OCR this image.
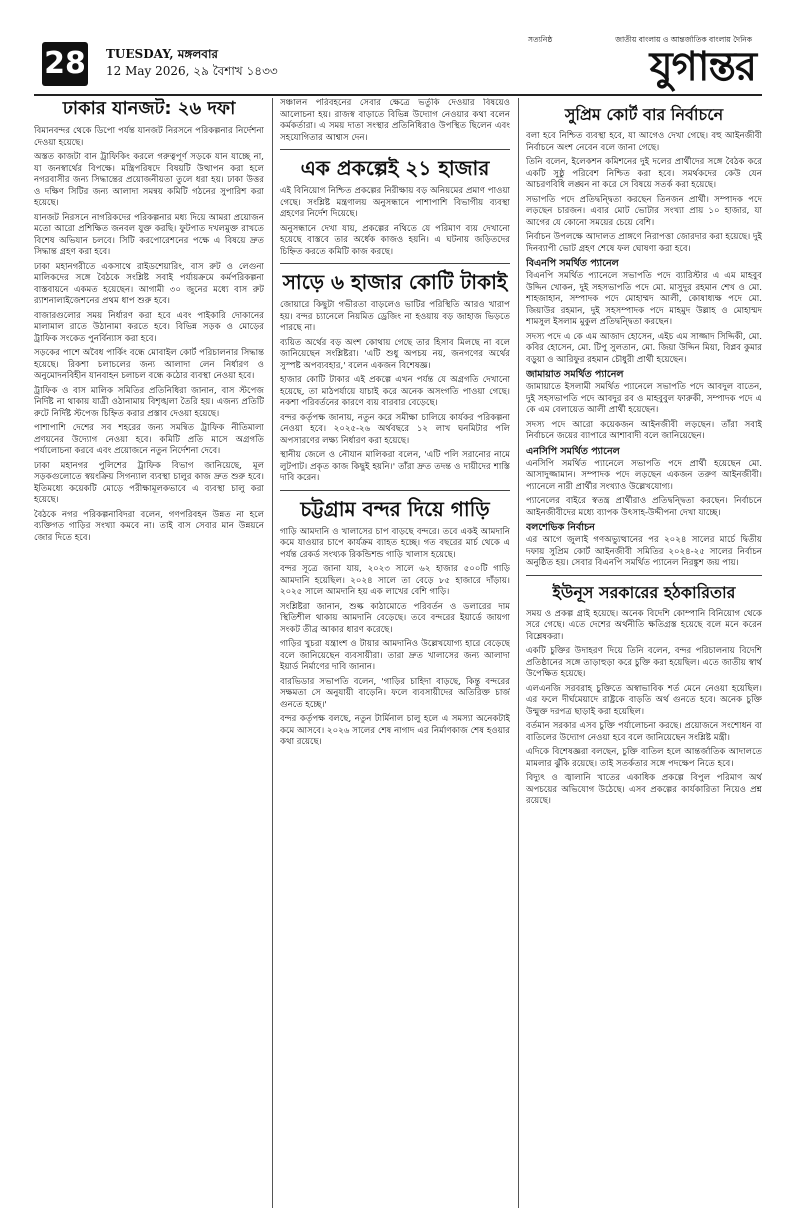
28 TUESDAY, মঙ্গলবার
12 May 2026, ২৯ বৈশাখ ১৪৩৩
সত্যনিষ্ঠ	জাতীয় বাংলায় ও আন্তর্জাতিক বাংলায় দৈনিক
যুগান্তর
ঢাকার যানজট: ২৬ দফা

বিমানবন্দর থেকে ডিপো পর্যন্ত যানজট নিরসনে পরিকল্পনার নির্দেশনা দেওয়া হয়েছে।

অস্তত কাজটা বান ট্রাফিকিং করলে গরুত্বপূর্ণ সড়কে যান যাচ্ছে না, যা জনস্বার্থের বিপক্ষে। মন্ত্রিপরিষদে বিষয়টি উত্থাপন করা হলে নগরবাসীর জন্য সিদ্ধান্তের প্রয়োজনীয়তা তুলে ধরা হয়। ঢাকা উত্তর ও দক্ষিণ সিটির জন্য আলাদা সমন্বয় কমিটি গঠনের সুপারিশ করা হয়েছে।

যানজট নিরসনে নাগরিকদের পরিকল্পনার মধ্য দিয়ে আমরা প্রয়োজন মতো আরো প্রশিক্ষিত জনবল যুক্ত করছি। ফুটপাত দখলমুক্ত রাখতে বিশেষ অভিযান চলবে। সিটি করপোরেশনের পক্ষে এ বিষয়ে দ্রুত সিদ্ধান্ত গ্রহণ করা হবে।

ঢাকা মহানগরীতে একসাথে রাইডশেয়ারিং, বাস রুট ও লেগুনা মালিকদের সঙ্গে বৈঠকে সংশ্লিষ্ট সবাই পর্যায়ক্রমে কর্মপরিকল্পনা বাস্তবায়নে একমত হয়েছেন। আগামী ৩০ জুনের মধ্যে বাস রুট র‌্যাশনালাইজেশনের প্রথম ধাপ শুরু হবে।

বাজারগুলোর সময় নির্ধারণ করা হবে এবং পাইকারি দোকানের মালামাল রাতে উঠানামা করতে হবে। বিভিন্ন সড়ক ও মোড়ের ট্রাফিক সংকেত পুনর্বিন্যাস করা হবে।

সড়কের পাশে অবৈধ পার্কিং বন্ধে মোবাইল কোর্ট পরিচালনার সিদ্ধান্ত হয়েছে। রিকশা চলাচলের জন্য আলাদা লেন নির্ধারণ ও অনুমোদনবিহীন যানবাহন চলাচল বন্ধে কঠোর ব্যবস্থা নেওয়া হবে।

ট্রাফিক ও বাস মালিক সমিতির প্রতিনিধিরা জানান, বাস স্টপেজ নির্দিষ্ট না থাকায় যাত্রী ওঠানামায় বিশৃঙ্খলা তৈরি হয়। এজন্য প্রতিটি রুটে নির্দিষ্ট স্টপেজ চিহ্নিত করার প্রস্তাব দেওয়া হয়েছে।

পাশাপাশি দেশের সব শহরের জন্য সমন্বিত ট্রাফিক নীতিমালা প্রণয়নের উদ্যোগ নেওয়া হবে। কমিটি প্রতি মাসে অগ্রগতি পর্যালোচনা করবে এবং প্রয়োজনে নতুন নির্দেশনা দেবে।

ঢাকা মহানগর পুলিশের ট্রাফিক বিভাগ জানিয়েছে, মূল সড়কগুলোতে স্বয়ংক্রিয় সিগন্যাল ব্যবস্থা চালুর কাজ দ্রুত শুরু হবে। ইতিমধ্যে কয়েকটি মোড়ে পরীক্ষামূলকভাবে এ ব্যবস্থা চালু করা হয়েছে।

বৈঠকে নগর পরিকল্পনাবিদরা বলেন, গণপরিবহন উন্নত না হলে ব্যক্তিগত গাড়ির সংখ্যা কমবে না। তাই বাস সেবার মান উন্নয়নে জোর দিতে হবে।

সঞ্চালন পরিবহনের সেবার ক্ষেত্রে ভর্তুকি দেওয়ার বিষয়েও আলোচনা হয়। রাজস্ব বাড়াতে বিভিন্ন উদ্যোগ নেওয়ার কথা বলেন কর্মকর্তারা। এ সময় দাতা সংস্থার প্রতিনিধিরাও উপস্থিত ছিলেন এবং সহযোগিতার আশ্বাস দেন।

এক প্রকল্পেই ২১ হাজার

এই বিনিয়োগ নিশ্চিত প্রকল্পের নিরীক্ষায় বড় অনিয়মের প্রমাণ পাওয়া গেছে। সংশ্লিষ্ট মন্ত্রণালয় অনুসন্ধানে পাশাপাশি বিভাগীয় ব্যবস্থা গ্রহণের নির্দেশ দিয়েছে।

অনুসন্ধানে দেখা যায়, প্রকল্পের নথিতে যে পরিমাণ ব্যয় দেখানো হয়েছে বাস্তবে তার অর্ধেক কাজও হয়নি। এ ঘটনায় জড়িতদের চিহ্নিত করতে কমিটি কাজ করছে।

সাড়ে ৬ হাজার কোটি টাকাই

জোয়ারে কিছুটা গভীরতা বাড়লেও ভাটির পরিস্থিতি আরও খারাপ হয়। বন্দর চ্যানেলে নিয়মিত ড্রেজিং না হওয়ায় বড় জাহাজ ভিড়তে পারছে না।

ব্যয়িত অর্থের বড় অংশ কোথায় গেছে তার হিসাব মিলছে না বলে জানিয়েছেন সংশ্লিষ্টরা। 'এটি শুধু অপচয় নয়, জনগণের অর্থের সুস্পষ্ট অপব্যবহার,' বলেন একজন বিশেষজ্ঞ।

হাজার কোটি টাকার এই প্রকল্পে এখন পর্যন্ত যে অগ্রগতি দেখানো হয়েছে, তা মাঠপর্যায়ে যাচাই করে অনেক অসংগতি পাওয়া গেছে। নকশা পরিবর্তনের কারণে ব্যয় বারবার বেড়েছে।

বন্দর কর্তৃপক্ষ জানায়, নতুন করে সমীক্ষা চালিয়ে কার্যকর পরিকল্পনা নেওয়া হবে। ২০২৫-২৬ অর্থবছরে ১২ লাখ ঘনমিটার পলি অপসারণের লক্ষ্য নির্ধারণ করা হয়েছে।

স্থানীয় জেলে ও নৌযান মালিকরা বলেন, 'এটি পলি সরানোর নামে লুটপাট। প্রকৃত কাজ কিছুই হয়নি।' তাঁরা দ্রুত তদন্ত ও দায়ীদের শাস্তি দাবি করেন।

চট্টগ্রাম বন্দর দিয়ে গাড়ি

গাড়ি আমদানি ও খালাসের চাপ বাড়ছে বন্দরে। তবে একই আমদানি কমে যাওয়ার চাপে কার্যক্রম ব্যাহত হচ্ছে। গত বছরের মার্চ থেকে এ পর্যন্ত রেকর্ড সংখ্যক রিকন্ডিশন্ড গাড়ি খালাস হয়েছে।

বন্দর সূত্রে জানা যায়, ২০২৩ সালে ৬২ হাজার ৫০০টি গাড়ি আমদানি হয়েছিল। ২০২৪ সালে তা বেড়ে ৮৫ হাজারে দাঁড়ায়। ২০২৫ সালে আমদানি হয় এক লাখের বেশি গাড়ি।

সংশ্লিষ্টরা জানান, শুল্ক কাঠামোতে পরিবর্তন ও ডলারের দাম স্থিতিশীল থাকায় আমদানি বেড়েছে। তবে বন্দরের ইয়ার্ডে জায়গা সংকট তীব্র আকার ধারণ করেছে।

গাড়ির খুচরা যন্ত্রাংশ ও টায়ার আমদানিও উল্লেখযোগ্য হারে বেড়েছে বলে জানিয়েছেন ব্যবসায়ীরা। তারা দ্রুত খালাসের জন্য আলাদা ইয়ার্ড নির্মাণের দাবি জানান।

বারভিডার সভাপতি বলেন, 'গাড়ির চাহিদা বাড়ছে, কিন্তু বন্দরের সক্ষমতা সে অনুযায়ী বাড়েনি। ফলে ব্যবসায়ীদের অতিরিক্ত চার্জ গুনতে হচ্ছে।'

বন্দর কর্তৃপক্ষ বলছে, নতুন টার্মিনাল চালু হলে এ সমস্যা অনেকটাই কমে আসবে। ২০২৬ সালের শেষ নাগাদ এর নির্মাণকাজ শেষ হওয়ার কথা রয়েছে।

সুপ্রিম কোর্ট বার নির্বাচনে

বলা হবে নিশ্চিত ব্যবস্থা হবে, যা আগেও দেখা গেছে। বহু আইনজীবী নির্বাচনে অংশ নেবেন বলে জানা গেছে।

তিনি বলেন, ইলেকশন কমিশনের দুই দলের প্রার্থীদের সঙ্গে বৈঠক করে একটি সুষ্ঠু পরিবেশ নিশ্চিত করা হবে। সমর্থকদের কেউ যেন আচরণবিধি লঙ্ঘন না করে সে বিষয়ে সতর্ক করা হয়েছে।

সভাপতি পদে প্রতিদ্বন্দ্বিতা করছেন তিনজন প্রার্থী। সম্পাদক পদে লড়ছেন চারজন। এবার মোট ভোটার সংখ্যা প্রায় ১০ হাজার, যা আগের যে কোনো সময়ের চেয়ে বেশি।

নির্বাচন উপলক্ষে আদালত প্রাঙ্গণে নিরাপত্তা জোরদার করা হয়েছে। দুই দিনব্যাপী ভোট গ্রহণ শেষে ফল ঘোষণা করা হবে।

বিএনপি সমর্থিত প্যানেল

বিএনপি সমর্থিত প্যানেলে সভাপতি পদে ব্যারিস্টার এ এম মাহবুব উদ্দিন খোকন, দুই সহসভাপতি পদে মো. মাসুদুর রহমান শেখ ও মো. শাহজাহান, সম্পাদক পদে মোহাম্মদ আলী, কোষাধ্যক্ষ পদে মো. জিয়াউর রহমান, দুই সহসম্পাদক পদে মাহমুদ উল্লাহ ও মোহাম্মদ শামসুল ইসলাম মুকুল প্রতিদ্বন্দ্বিতা করছেন।

সদস্য পদে এ কে এম আজাদ হোসেন, এইচ এম সাজ্জাদ সিদ্দিকী, মো. কবির হোসেন, মো. টিপু সুলতান, মো. জিয়া উদ্দিন মিয়া, বিপ্লব কুমার বড়ুয়া ও আরিফুর রহমান চৌধুরী প্রার্থী হয়েছেন।

জামায়াত সমর্থিত প্যানেল

জামায়াতে ইসলামী সমর্থিত প্যানেলে সভাপতি পদে আবদুল বাতেন, দুই সহসভাপতি পদে আবদুর রব ও মাহবুবুল ফারুকী, সম্পাদক পদে এ কে এম বেলায়েত আলী প্রার্থী হয়েছেন।

সদস্য পদে আরো কয়েকজন আইনজীবী লড়ছেন। তাঁরা সবাই নির্বাচনে জয়ের ব্যাপারে আশাবাদী বলে জানিয়েছেন।

এনসিপি সমর্থিত প্যানেল

এনসিপি সমর্থিত প্যানেলে সভাপতি পদে প্রার্থী হয়েছেন মো. আসাদুজ্জামান। সম্পাদক পদে লড়ছেন একজন তরুণ আইনজীবী। প্যানেলে নারী প্রার্থীর সংখ্যাও উল্লেখযোগ্য।

প্যানেলের বাইরে স্বতন্ত্র প্রার্থীরাও প্রতিদ্বন্দ্বিতা করছেন। নির্বাচনে আইনজীবীদের মধ্যে ব্যাপক উৎসাহ-উদ্দীপনা দেখা যাচ্ছে।

বলশেভিক নির্বাচন

এর আগে জুলাই গণঅভ্যুত্থানের পর ২০২৪ সালের মার্চে দ্বিতীয় দফায় সুপ্রিম কোর্ট আইনজীবী সমিতির ২০২৪-২৫ সালের নির্বাচন অনুষ্ঠিত হয়। সেবার বিএনপি সমর্থিত প্যানেল নিরঙ্কুশ জয় পায়।

ইউনূস সরকারের হঠকারিতার

সময় ও প্রকল্প গ্রাই হয়েছে। অনেক বিদেশি কোম্পানি বিনিয়োগ থেকে সরে গেছে। এতে দেশের অর্থনীতি ক্ষতিগ্রস্ত হয়েছে বলে মনে করেন বিশ্লেষকরা।

একটি চুক্তির উদাহরণ দিয়ে তিনি বলেন, বন্দর পরিচালনায় বিদেশি প্রতিষ্ঠানের সঙ্গে তাড়াহুড়া করে চুক্তি করা হয়েছিল। এতে জাতীয় স্বার্থ উপেক্ষিত হয়েছে।

এলএনজি সরবরাহ চুক্তিতে অস্বাভাবিক শর্ত মেনে নেওয়া হয়েছিল। এর ফলে দীর্ঘমেয়াদে রাষ্ট্রকে বাড়তি অর্থ গুনতে হবে। অনেক চুক্তি উন্মুক্ত দরপত্র ছাড়াই করা হয়েছিল।

বর্তমান সরকার এসব চুক্তি পর্যালোচনা করছে। প্রয়োজনে সংশোধন বা বাতিলের উদ্যোগ নেওয়া হবে বলে জানিয়েছেন সংশ্লিষ্ট মন্ত্রী।

এদিকে বিশেষজ্ঞরা বলছেন, চুক্তি বাতিল হলে আন্তর্জাতিক আদালতে মামলার ঝুঁকি রয়েছে। তাই সতর্কতার সঙ্গে পদক্ষেপ নিতে হবে।

বিদ্যুৎ ও জ্বালানি খাতের একাধিক প্রকল্পে বিপুল পরিমাণ অর্থ অপচয়ের অভিযোগ উঠেছে। এসব প্রকল্পের কার্যকারিতা নিয়েও প্রশ্ন রয়েছে।
